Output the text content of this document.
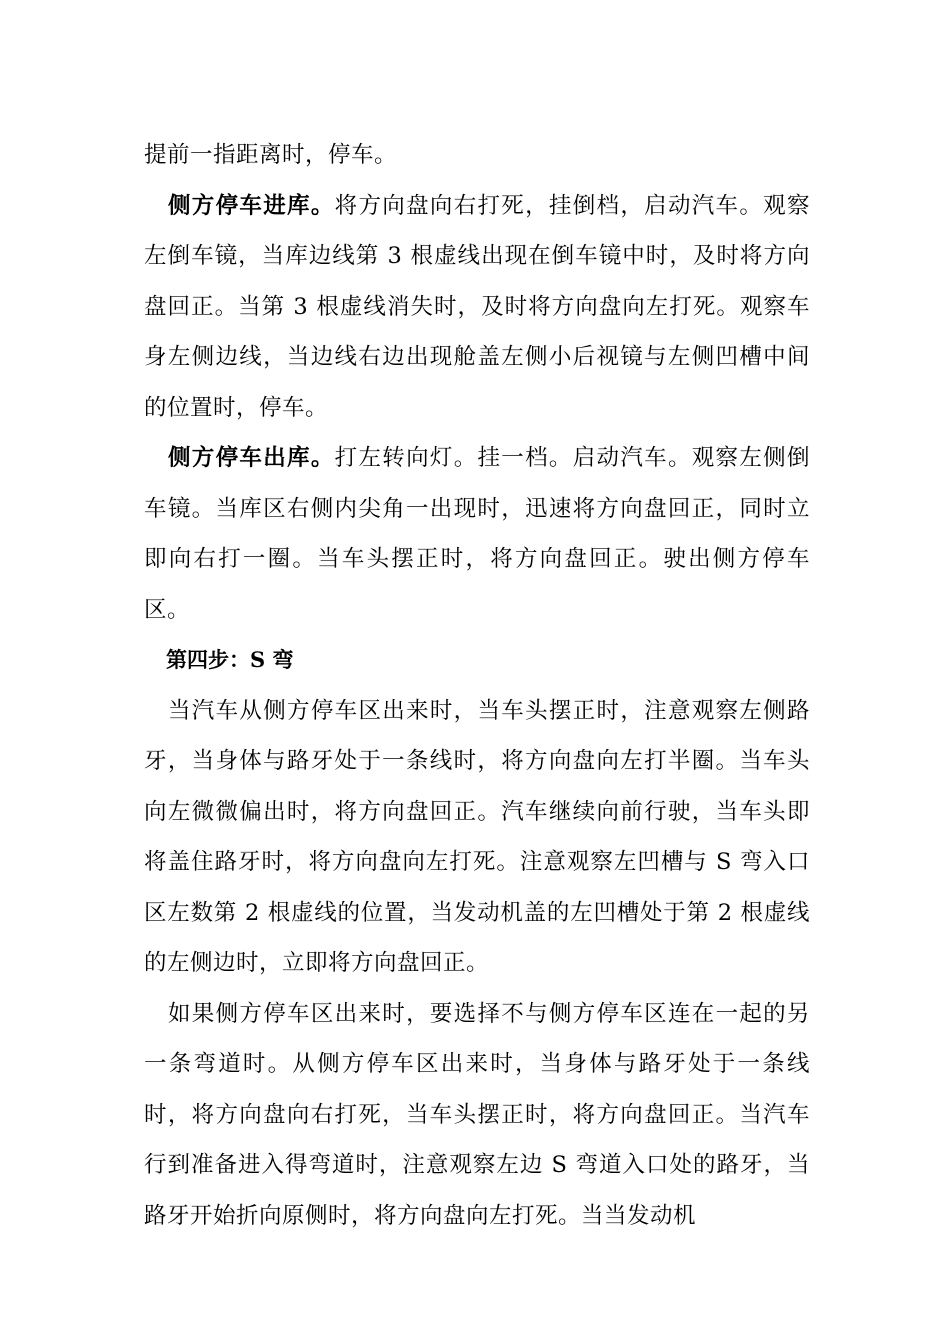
提前一指距离时，停车。

侧方停车进库。将方向盘向右打死，挂倒档，启动汽车。观察左倒车镜，当库边线第 3 根虚线出现在倒车镜中时，及时将方向盘回正。当第 3 根虚线消失时，及时将方向盘向左打死。观察车身左侧边线，当边线右边出现舱盖左侧小后视镜与左侧凹槽中间的位置时，停车。

侧方停车出库。打左转向灯。挂一档。启动汽车。观察左侧倒车镜。当库区右侧内尖角一出现时，迅速将方向盘回正，同时立即向右打一圈。当车头摆正时，将方向盘回正。驶出侧方停车区。

第四步：S 弯

当汽车从侧方停车区出来时，当车头摆正时，注意观察左侧路牙，当身体与路牙处于一条线时，将方向盘向左打半圈。当车头向左微微偏出时，将方向盘回正。汽车继续向前行驶，当车头即将盖住路牙时，将方向盘向左打死。注意观察左凹槽与 S 弯入口区左数第 2 根虚线的位置，当发动机盖的左凹槽处于第 2 根虚线的左侧边时，立即将方向盘回正。

如果侧方停车区出来时，要选择不与侧方停车区连在一起的另一条弯道时。从侧方停车区出来时，当身体与路牙处于一条线时，将方向盘向右打死，当车头摆正时，将方向盘回正。当汽车行到准备进入得弯道时，注意观察左边 S 弯道入口处的路牙，当路牙开始折向原侧时，将方向盘向左打死。当当发动机
